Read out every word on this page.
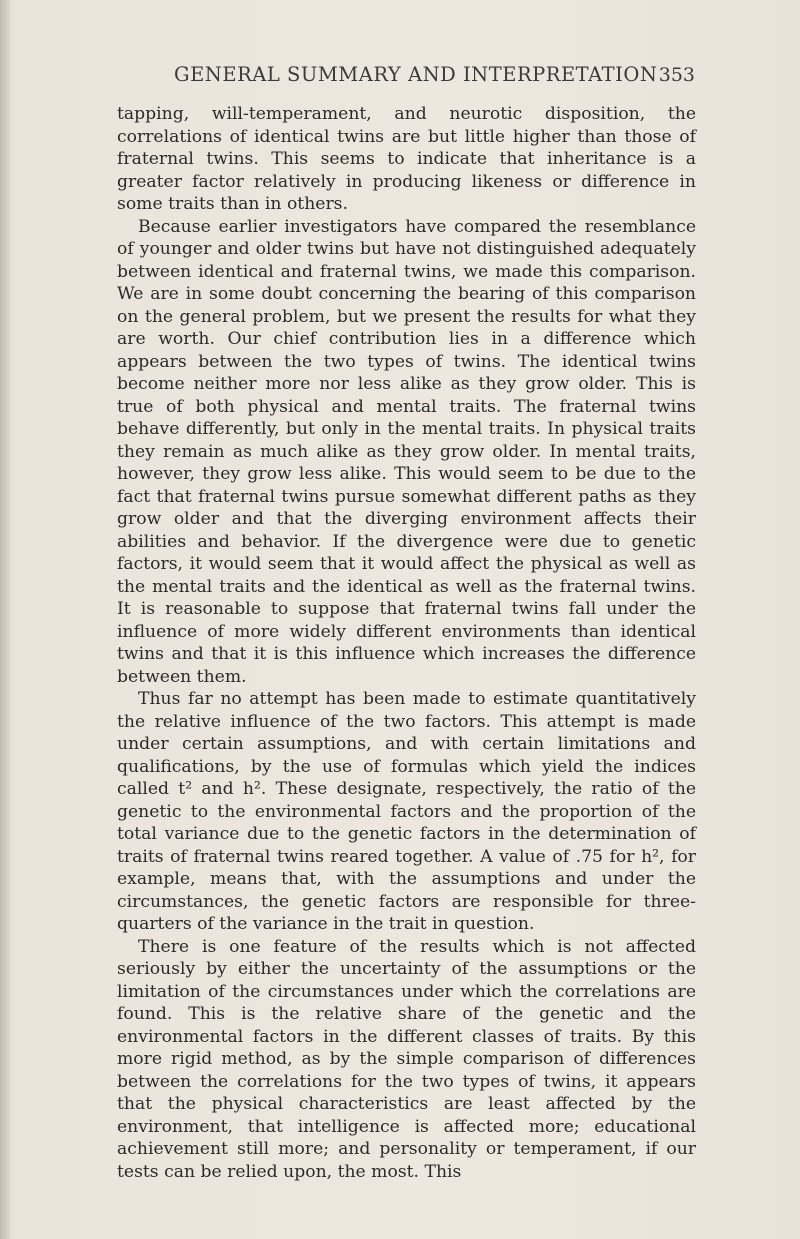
GENERAL SUMMARY AND INTERPRETATION 353

tapping, will-temperament, and neurotic disposition, the correlations of identical twins are but little higher than those of fraternal twins. This seems to indicate that inheritance is a greater factor relatively in producing likeness or difference in some traits than in others.

Because earlier investigators have compared the resemblance of younger and older twins but have not distinguished adequately between identical and fraternal twins, we made this comparison. We are in some doubt concerning the bearing of this comparison on the general problem, but we present the results for what they are worth. Our chief contribution lies in a difference which appears between the two types of twins. The identical twins become neither more nor less alike as they grow older. This is true of both physical and mental traits. The fraternal twins behave differently, but only in the mental traits. In physical traits they remain as much alike as they grow older. In mental traits, however, they grow less alike. This would seem to be due to the fact that fraternal twins pursue somewhat different paths as they grow older and that the diverging environment affects their abilities and behavior. If the divergence were due to genetic factors, it would seem that it would affect the physical as well as the mental traits and the identical as well as the fraternal twins. It is reasonable to suppose that fraternal twins fall under the influence of more widely different environments than identical twins and that it is this influence which increases the difference between them.

Thus far no attempt has been made to estimate quantitatively the relative influence of the two factors. This attempt is made under certain assumptions, and with certain limitations and qualifications, by the use of formulas which yield the indices called t² and h². These designate, respectively, the ratio of the genetic to the environmental factors and the proportion of the total variance due to the genetic factors in the determination of traits of fraternal twins reared together. A value of .75 for h², for example, means that, with the assumptions and under the circumstances, the genetic factors are responsible for three-quarters of the variance in the trait in question.

There is one feature of the results which is not affected seriously by either the uncertainty of the assumptions or the limitation of the circumstances under which the correlations are found. This is the relative share of the genetic and the environmental factors in the different classes of traits. By this more rigid method, as by the simple comparison of differences between the correlations for the two types of twins, it appears that the physical characteristics are least affected by the environment, that intelligence is affected more; educational achievement still more; and personality or temperament, if our tests can be relied upon, the most. This
